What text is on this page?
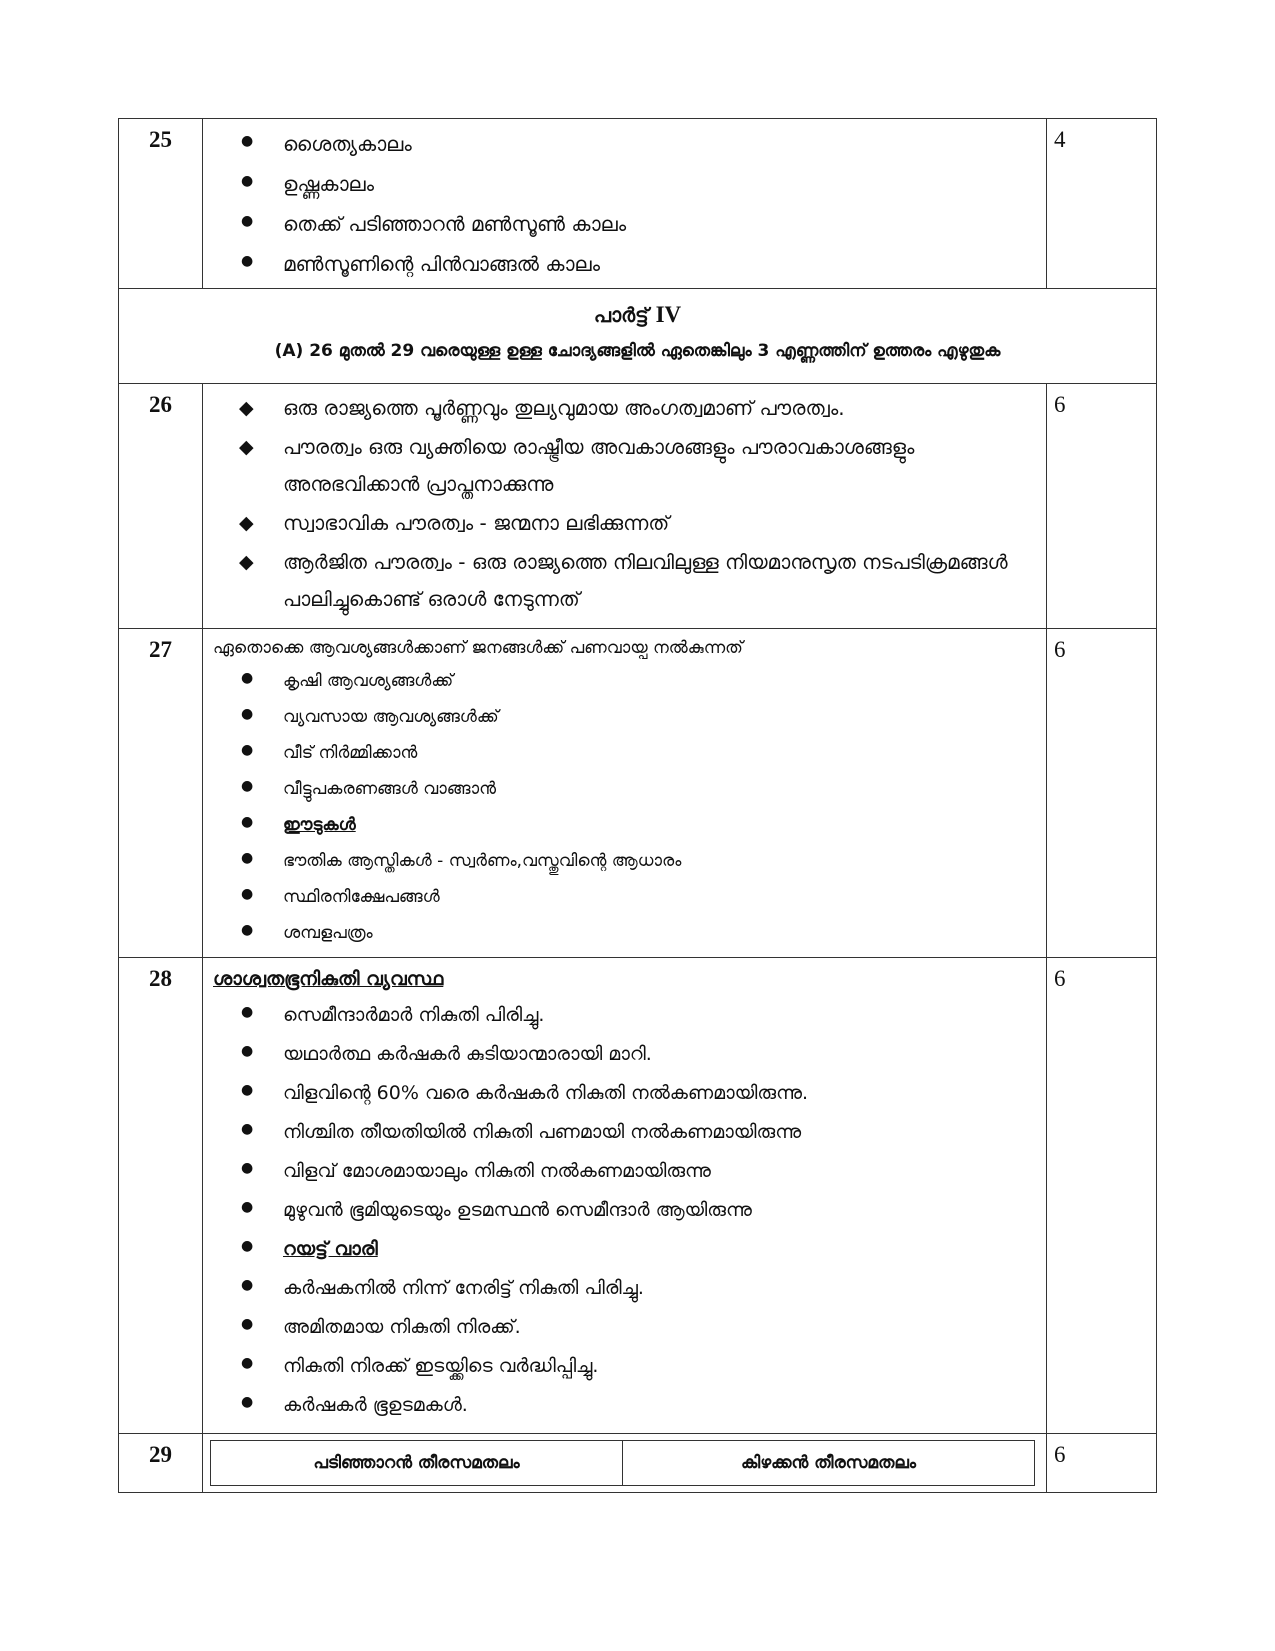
25	● ശൈത്യകാലം
● ഉഷ്ണകാലം
● തെക്ക് പടിഞ്ഞാറൻ മൺസൂൺ കാലം
● മൺസൂണിന്റെ പിൻവാങ്ങൽ കാലം
	4

പാർട്ട് IV
(A) 26 മുതൽ 29 വരെയുള്ള ഉള്ള ചോദ്യങ്ങളിൽ ഏതെങ്കിലും 3 എണ്ണത്തിന് ഉത്തരം എഴുതുക

26	◆ ഒരു രാജ്യത്തെ പൂർണ്ണവും തുല്യവുമായ അംഗത്വമാണ് പൗരത്വം.
◆ പൗരത്വം ഒരു വ്യക്തിയെ രാഷ്ട്രീയ അവകാശങ്ങളും പൗരാവകാശങ്ങളും അനുഭവിക്കാൻ പ്രാപ്തനാക്കുന്നു
◆ സ്വാഭാവിക പൗരത്വം - ജന്മനാ ലഭിക്കുന്നത്
◆ ആർജിത പൗരത്വം - ഒരു രാജ്യത്തെ നിലവിലുള്ള നിയമാനുസൃത നടപടിക്രമങ്ങൾ പാലിച്ചുകൊണ്ട് ഒരാൾ നേടുന്നത്
	6
27	ഏതൊക്കെ ആവശ്യങ്ങൾക്കാണ് ജനങ്ങൾക്ക് പണവായ്പ നൽകുന്നത്
● കൃഷി ആവശ്യങ്ങൾക്ക്
● വ്യവസായ ആവശ്യങ്ങൾക്ക്
● വീട് നിർമ്മിക്കാൻ
● വീട്ടുപകരണങ്ങൾ വാങ്ങാൻ
● ഈടുകൾ
● ഭൗതിക ആസ്തികൾ - സ്വർണം,വസ്തുവിന്റെ ആധാരം
● സ്ഥിരനിക്ഷേപങ്ങൾ
● ശമ്പളപത്രം
	6
28	ശാശ്വതഭൂനികുതി വ്യവസ്ഥ
● സെമീന്ദാർമാർ നികുതി പിരിച്ചു.
● യഥാർത്ഥ കർഷകർ കുടിയാന്മാരായി മാറി.
● വിളവിന്റെ 60% വരെ കർഷകർ നികുതി നൽകണമായിരുന്നു.
● നിശ്ചിത തീയതിയിൽ നികുതി പണമായി നൽകണമായിരുന്നു
● വിളവ് മോശമായാലും നികുതി നൽകണമായിരുന്നു
● മുഴുവൻ ഭൂമിയുടെയും ഉടമസ്ഥൻ സെമീന്ദാർ ആയിരുന്നു
● റയട്ട് വാരി
● കർഷകനിൽ നിന്ന് നേരിട്ട് നികുതി പിരിച്ചു.
● അമിതമായ നികുതി നിരക്ക്.
● നികുതി നിരക്ക് ഇടയ്ക്കിടെ വർദ്ധിപ്പിച്ചു.
● കർഷകർ ഭൂഉടമകൾ.
	6
29		പടിഞ്ഞാറൻ തീരസമതലം	കിഴക്കൻ തീരസമതലം
		6
